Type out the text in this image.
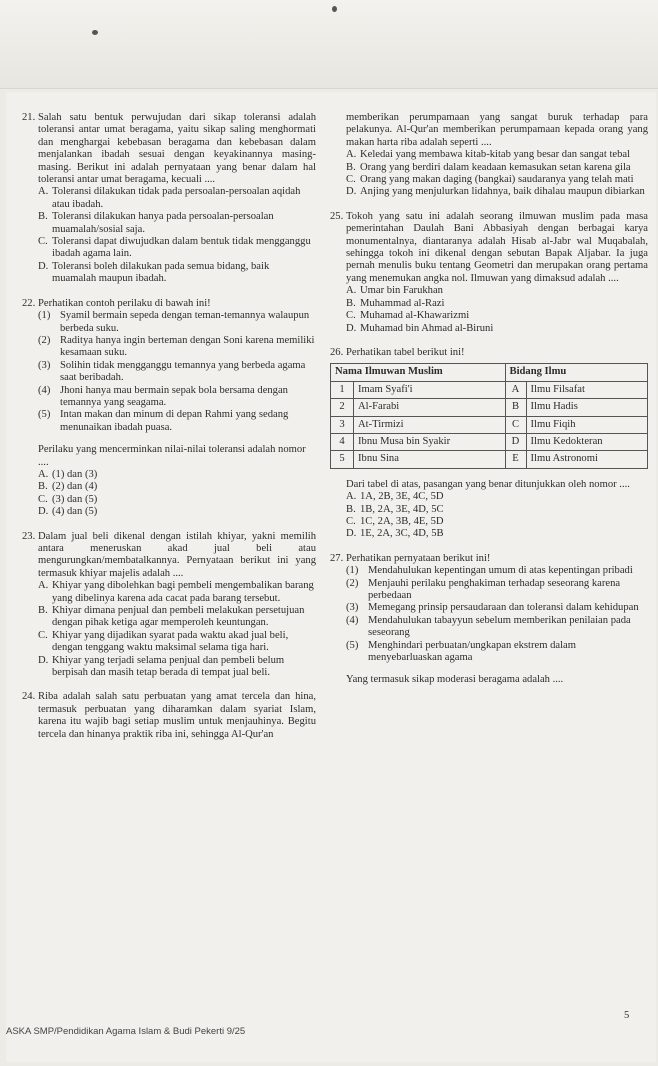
21. Salah satu bentuk perwujudan dari sikap toleransi adalah toleransi antar umat beragama, yaitu sikap saling menghormati dan menghargai kebebasan beragama dan kebebasan dalam menjalankan ibadah sesuai dengan keyakinannya masing-masing. Berikut ini adalah pernyataan yang benar dalam hal toleransi antar umat beragama, kecuali ....
A. Toleransi dilakukan tidak pada persoalan-persoalan aqidah atau ibadah.
B. Toleransi dilakukan hanya pada persoalan-persoalan muamalah/sosial saja.
C. Toleransi dapat diwujudkan dalam bentuk tidak mengganggu ibadah agama lain.
D. Toleransi boleh dilakukan pada semua bidang, baik muamalah maupun ibadah.
22. Perhatikan contoh perilaku di bawah ini!
(1) Syamil bermain sepeda dengan teman-temannya walaupun berbeda suku.
(2) Raditya hanya ingin berteman dengan Soni karena memiliki kesamaan suku.
(3) Solihin tidak mengganggu temannya yang berbeda agama saat beribadah.
(4) Jhoni hanya mau bermain sepak bola bersama dengan temannya yang seagama.
(5) Intan makan dan minum di depan Rahmi yang sedang menunaikan ibadah puasa.
Perilaku yang mencerminkan nilai-nilai toleransi adalah nomor ....
A. (1) dan (3)
B. (2) dan (4)
C. (3) dan (5)
D. (4) dan (5)
23. Dalam jual beli dikenal dengan istilah khiyar, yakni memilih antara meneruskan akad jual beli atau mengurungkan/membatalkannya. Pernyataan berikut ini yang termasuk khiyar majelis adalah ....
A. Khiyar yang dibolehkan bagi pembeli mengembalikan barang yang dibelinya karena ada cacat pada barang tersebut.
B. Khiyar dimana penjual dan pembeli melakukan persetujuan dengan pihak ketiga agar memperoleh keuntungan.
C. Khiyar yang dijadikan syarat pada waktu akad jual beli, dengan tenggang waktu maksimal selama tiga hari.
D. Khiyar yang terjadi selama penjual dan pembeli belum berpisah dan masih tetap berada di tempat jual beli.
24. Riba adalah salah satu perbuatan yang amat tercela dan hina, termasuk perbuatan yang diharamkan dalam syariat Islam, karena itu wajib bagi setiap muslim untuk menjauhinya. Begitu tercela dan hinanya praktik riba ini, sehingga Al-Qur'an
memberikan perumpamaan yang sangat buruk terhadap para pelakunya. Al-Qur'an memberikan perumpamaan kepada orang yang makan harta riba adalah seperti ....
A. Keledai yang membawa kitab-kitab yang besar dan sangat tebal
B. Orang yang berdiri dalam keadaan kemasukan setan karena gila
C. Orang yang makan daging (bangkai) saudaranya yang telah mati
D. Anjing yang menjulurkan lidahnya, baik dihalau maupun dibiarkan
25. Tokoh yang satu ini adalah seorang ilmuwan muslim pada masa pemerintahan Daulah Bani Abbasiyah dengan berbagai karya monumentalnya, diantaranya adalah Hisab al-Jabr wal Muqabalah, sehingga tokoh ini dikenal dengan sebutan Bapak Aljabar. Ia juga pernah menulis buku tentang Geometri dan merupakan orang pertama yang menemukan angka nol. Ilmuwan yang dimaksud adalah ....
A. Umar bin Farukhan
B. Muhammad al-Razi
C. Muhamad al-Khawarizmi
D. Muhamad bin Ahmad al-Biruni
26. Perhatikan tabel berikut ini!
Nama Ilmuwan Muslim		Bidang Ilmu	
1	Imam Syafi'i	A	Ilmu Filsafat
2	Al-Farabi	B	Ilmu Hadis
3	At-Tirmizi	C	Ilmu Fiqih
4	Ibnu Musa bin Syakir	D	Ilmu Kedokteran
5	Ibnu Sina	E	Ilmu Astronomi
Dari tabel di atas, pasangan yang benar ditunjukkan oleh nomor ....
A. 1A, 2B, 3E, 4C, 5D
B. 1B, 2A, 3E, 4D, 5C
C. 1C, 2A, 3B, 4E, 5D
D. 1E, 2A, 3C, 4D, 5B
27. Perhatikan pernyataan berikut ini!
(1) Mendahulukan kepentingan umum di atas kepentingan pribadi
(2) Menjauhi perilaku penghakiman terhadap seseorang karena perbedaan
(3) Memegang prinsip persaudaraan dan toleransi dalam kehidupan
(4) Mendahulukan tabayyun sebelum memberikan penilaian pada seseorang
(5) Menghindari perbuatan/ungkapan ekstrem dalam menyebarluaskan agama
Yang termasuk sikap moderasi beragama adalah ....
5
ASKA SMP/Pendidikan Agama Islam & Budi Pekerti 9/25
